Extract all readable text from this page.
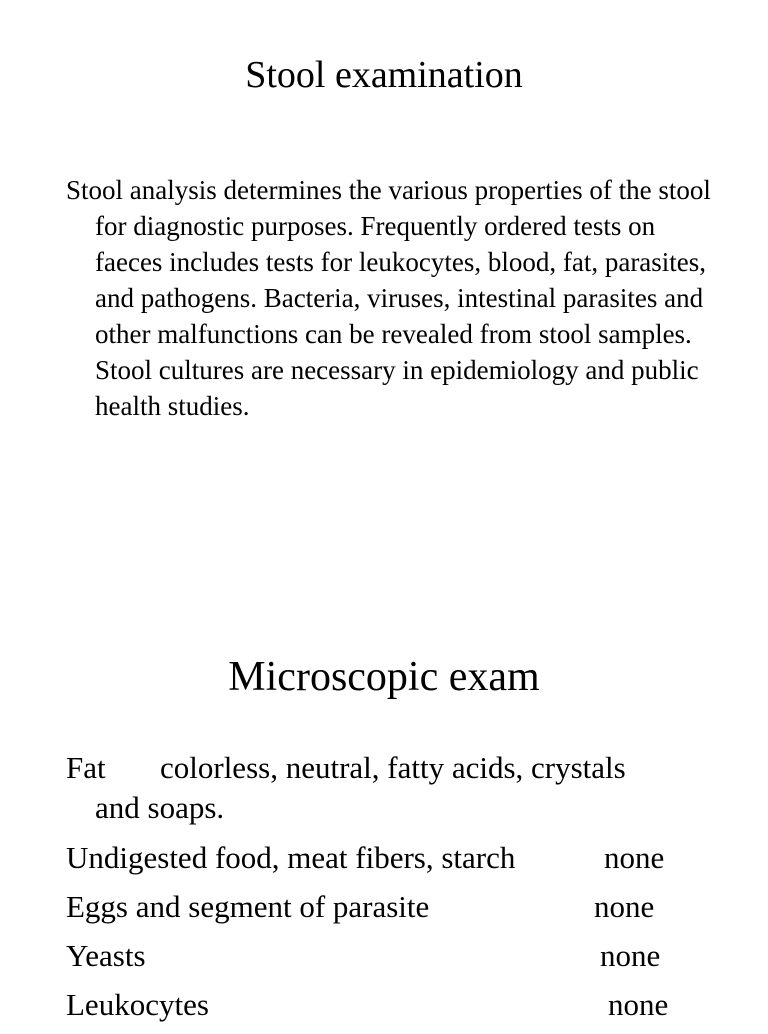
Stool examination

Stool analysis determines the various properties of the stool for diagnostic purposes. Frequently ordered tests on faeces includes tests for leukocytes, blood, fat, parasites, and pathogens. Bacteria, viruses, intestinal parasites and other malfunctions can be revealed from stool samples. Stool cultures are necessary in epidemiology and public health studies.

Microscopic exam
Fat colorless, neutral, fatty acids, crystals
and soaps.
Undigested food, meat fibers, starch	none
Eggs and segment of parasite	none
Yeasts	none
Leukocytes	none
